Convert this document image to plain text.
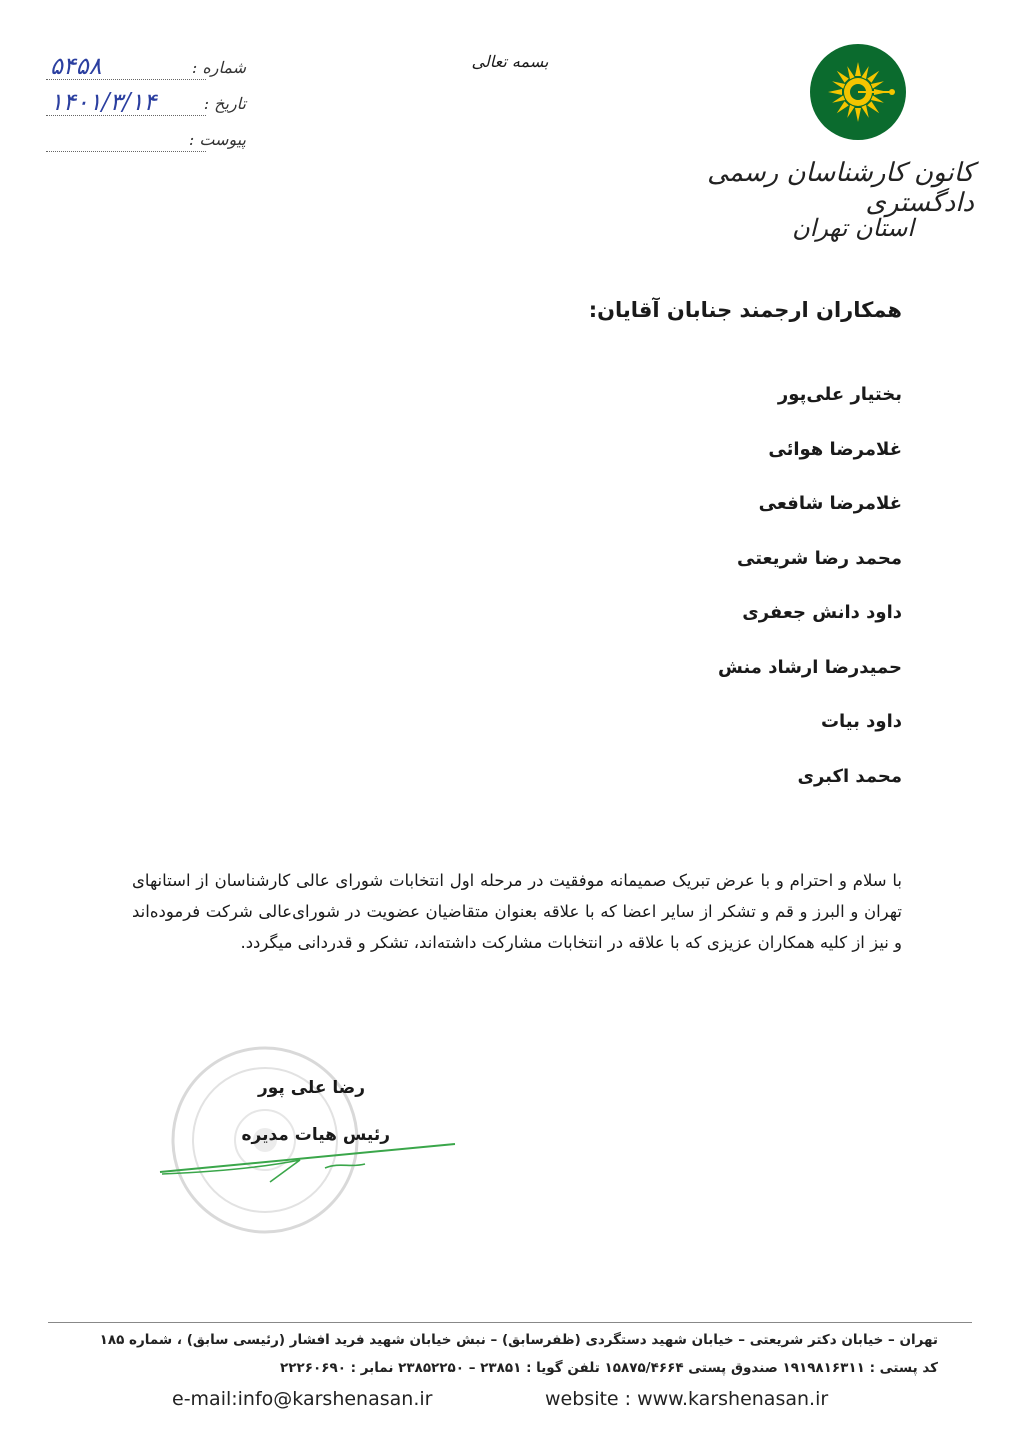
شماره :
۵۴۵۸
تاریخ :
۱۴۰۱/۳/۱۴
پیوست :
بسمه تعالی
کانون کارشناسان رسمی دادگستری
استان تهران
همکاران ارجمند جنابان آقایان:
بختیار علی‌پور
غلامرضا هوائی
غلامرضا شافعی
محمد رضا شریعتی
داود دانش جعفری
حمیدرضا ارشاد منش
داود بیات
محمد اکبری

با سلام و احترام و با عرض تبریک صمیمانه موفقیت در مرحله اول انتخابات شورای عالی کارشناسان از استانهای تهران و البرز و قم و تشکر از سایر اعضا که با علاقه بعنوان متقاضیان عضویت در شورای‌عالی شرکت فرموده‌اند و نیز از کلیه همکاران عزیزی که با علاقه در انتخابات مشارکت داشته‌اند، تشکر و قدردانی میگردد.

رضا علی پور
رئیس هیات مدیره
تهران – خیابان دکتر شریعتی – خیابان شهید دستگردی (ظفرسابق) – نبش خیابان شهید فرید افشار (رئیسی سابق) ، شماره ۱۸۵
کد پستی : ۱۹۱۹۸۱۶۳۱۱ صندوق پستی ۱۵۸۷۵/۴۶۶۴ تلفن گویا : ۲۳۸۵۱ – ۲۳۸۵۲۲۵۰ نمابر : ۲۲۲۶۰۶۹۰
e-mail:info@karshenasan.ir	website : www.karshenasan.ir
